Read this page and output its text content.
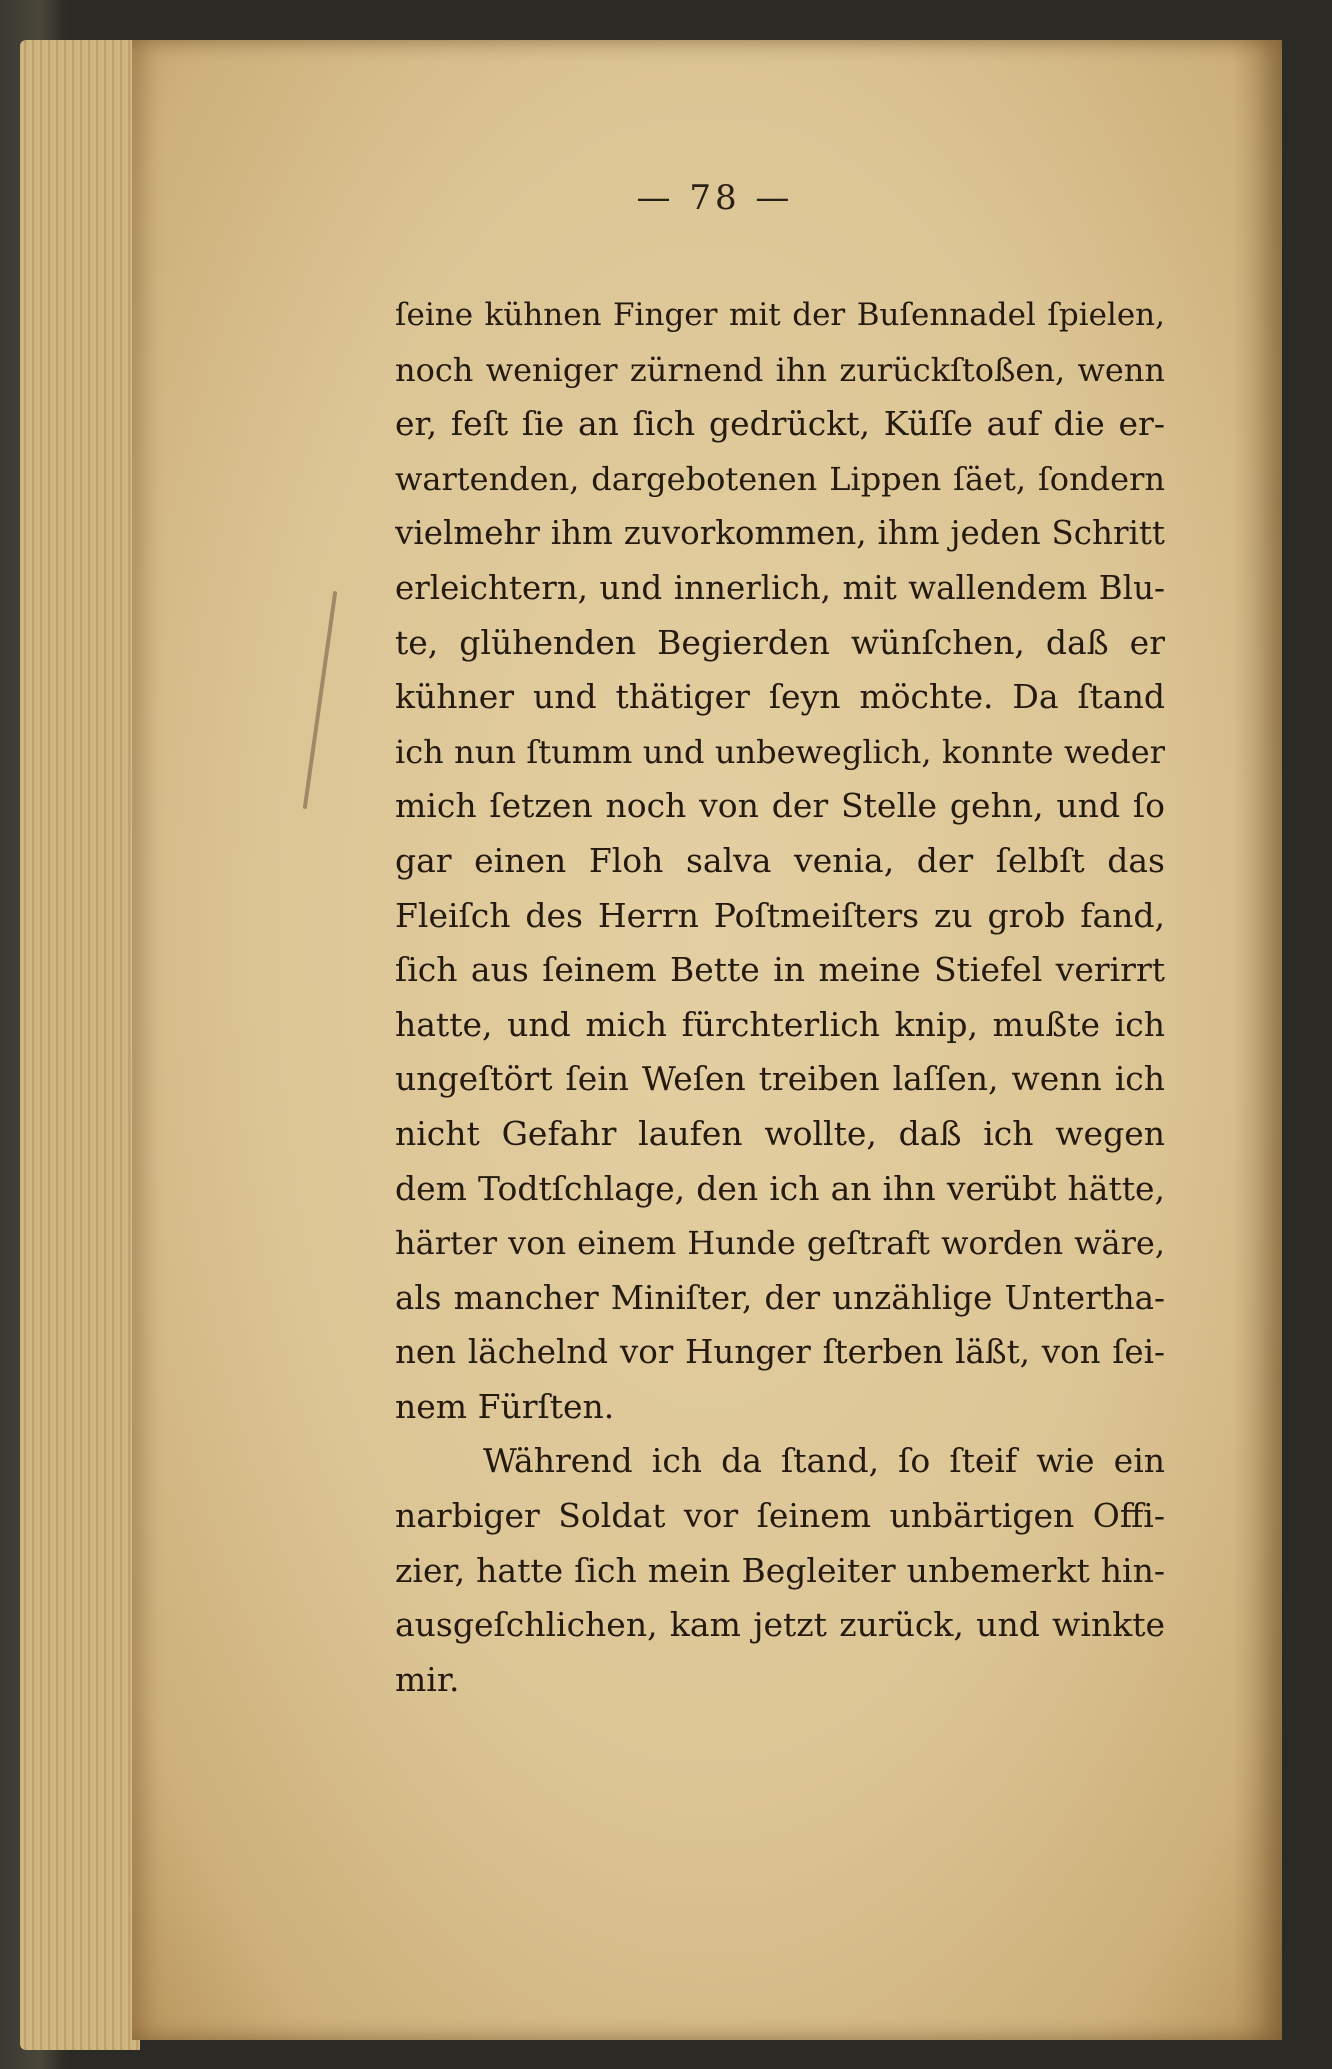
— 78 —
ſeine kühnen Finger mit der Buſennadel ſpielen,
noch weniger zürnend ihn zurückſtoßen, wenn
er, feſt ſie an ſich gedrückt, Küſſe auf die er-
wartenden, dargebotenen Lippen ſäet, ſondern
vielmehr ihm zuvorkommen, ihm jeden Schritt
erleichtern, und innerlich, mit wallendem Blu-
te, glühenden Begierden wünſchen, daß er
kühner und thätiger ſeyn möchte. Da ſtand
ich nun ſtumm und unbeweglich, konnte weder
mich ſetzen noch von der Stelle gehn, und ſo
gar einen Floh salva venia, der ſelbſt das
Fleiſch des Herrn Poſtmeiſters zu grob fand,
ſich aus ſeinem Bette in meine Stiefel verirrt
hatte, und mich fürchterlich knip, mußte ich
ungeſtört ſein Weſen treiben laſſen, wenn ich
nicht Gefahr laufen wollte, daß ich wegen
dem Todtſchlage, den ich an ihn verübt hätte,
härter von einem Hunde geſtraft worden wäre,
als mancher Miniſter, der unzählige Untertha-
nen lächelnd vor Hunger ſterben läßt, von ſei-
nem Fürſten.
Während ich da ſtand, ſo ſteif wie ein
narbiger Soldat vor ſeinem unbärtigen Offi-
zier, hatte ſich mein Begleiter unbemerkt hin-
ausgeſchlichen, kam jetzt zurück, und winkte
mir.
